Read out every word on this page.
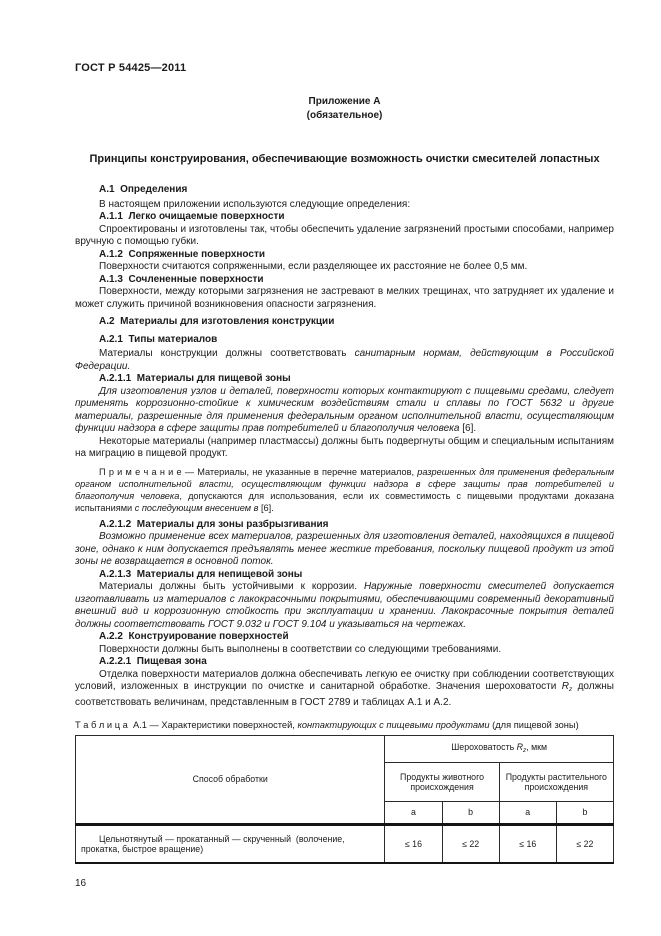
ГОСТ Р 54425—2011
Приложение А
(обязательное)
Принципы конструирования, обеспечивающие возможность очистки смесителей лопастных

А.1  Определения

В настоящем приложении используются следующие определения:

А.1.1  Легко очищаемые поверхности

Спроектированы и изготовлены так, чтобы обеспечить удаление загрязнений простыми способами, например вручную с помощью губки.

А.1.2  Сопряженные поверхности

Поверхности считаются сопряженными, если разделяющее их расстояние не более 0,5 мм.

А.1.3  Сочлененные поверхности

Поверхности, между которыми загрязнения не застревают в мелких трещинах, что затрудняет их удаление и может служить причиной возникновения опасности загрязнения.

А.2  Материалы для изготовления конструкции

А.2.1  Типы материалов

Материалы конструкции должны соответствовать санитарным нормам, действующим в Российской Федерации.

А.2.1.1  Материалы для пищевой зоны

Для изготовления узлов и деталей, поверхности которых контактируют с пищевыми средами, следует применять коррозионно-стойкие к химическим воздействиям стали и сплавы по ГОСТ 5632 и другие материалы, разрешенные для применения федеральным органом исполнительной власти, осуществляющим функции надзора в сфере защиты прав потребителей и благополучия человека [6].

Некоторые материалы (например пластмассы) должны быть подвергнуты общим и специальным испытаниям на миграцию в пищевой продукт.

П р и м е ч а н и е — Материалы, не указанные в перечне материалов, разрешенных для применения федеральным органом исполнительной власти, осуществляющим функции надзора в сфере защиты прав потребителей и благополучия человека, допускаются для использования, если их совместимость с пищевыми продуктами доказана испытаниями с последующим внесением в [6].

А.2.1.2  Материалы для зоны разбрызгивания

Возможно применение всех материалов, разрешенных для изготовления деталей, находящихся в пищевой зоне, однако к ним допускается предъявлять менее жесткие требования, поскольку пищевой продукт из этой зоны не возвращается в основной поток.

А.2.1.3  Материалы для непищевой зоны

Материалы должны быть устойчивыми к коррозии. Наружные поверхности смесителей допускается изготавливать из материалов с лакокрасочными покрытиями, обеспечивающими современный декоративный внешний вид и коррозионную стойкость при эксплуатации и хранении. Лакокрасочные покрытия деталей должны соответствовать ГОСТ 9.032 и ГОСТ 9.104 и указываться на чертежах.

А.2.2  Конструирование поверхностей

Поверхности должны быть выполнены в соответствии со следующими требованиями.

А.2.2.1  Пищевая зона

Отделка поверхности материалов должна обеспечивать легкую ее очистку при соблюдении соответствующих условий, изложенных в инструкции по очистке и санитарной обработке. Значения шероховатости $R_z$ должны соответствовать величинам, представленным в ГОСТ 2789 и таблицах А.1 и А.2.

Т а б л и ц а  А.1 — Характеристики поверхностей, контактирующих с пищевыми продуктами (для пищевой зоны)
Способ обработки	Шероховатость $R_z$, мкм			
	Продукты животного происхождения		Продукты растительного происхождения	
	a	b	a	b
Цельнотянутый — прокатанный — скрученный  (волочение, прокатка, быстрое вращение)	≤ 16	≤ 22	≤ 16	≤ 22
16
